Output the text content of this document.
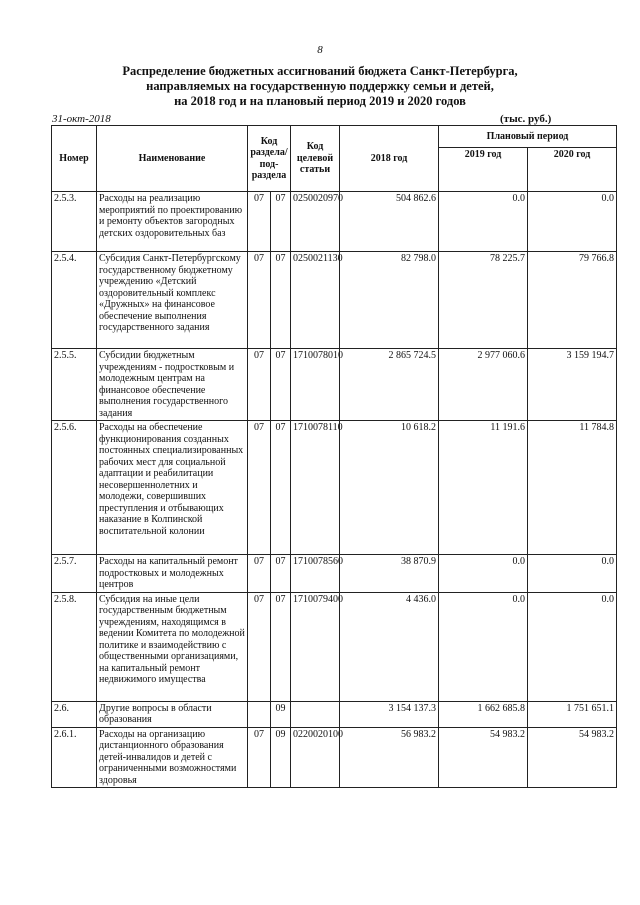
8
Распределение бюджетных ассигнований бюджета Санкт-Петербурга,
направляемых на государственную поддержку семьи и детей,
на 2018 год и на плановый период 2019 и 2020 годов
31-окт-2018	(тыс. руб.)
Номер	Наименование	Код раздела/ под-раздела		Код целевой статьи	2018 год	Плановый период	
						2019 год	2020 год
2.5.3.	Расходы на реализацию мероприятий по проектированию и ремонту объектов загородных детских оздоровительных баз	07	07	0250020970	504 862.6	0.0	0.0
2.5.4.	Субсидия Санкт-Петербургскому государственному бюджетному учреждению «Детский оздоровительный комплекс «Дружных» на финансовое обеспечение выполнения государственного задания	07	07	0250021130	82 798.0	78 225.7	79 766.8
2.5.5.	Субсидии бюджетным учреждениям - подростковым и молодежным центрам на финансовое обеспечение выполнения государственного задания	07	07	1710078010	2 865 724.5	2 977 060.6	3 159 194.7
2.5.6.	Расходы на обеспечение функционирования созданных постоянных специализированных рабочих мест для социальной адаптации и реабилитации несовершеннолетних и молодежи, совершивших преступления и отбывающих наказание в Колпинской воспитательной колонии	07	07	1710078110	10 618.2	11 191.6	11 784.8
2.5.7.	Расходы на капитальный ремонт подростковых и молодежных центров	07	07	1710078560	38 870.9	0.0	0.0
2.5.8.	Субсидия на иные цели государственным бюджетным учреждениям, находящимся в ведении Комитета по молодежной политике и взаимодействию с общественными организациями, на капитальный ремонт недвижимого имущества	07	07	1710079400	4 436.0	0.0	0.0
2.6.	Другие вопросы в области образования		09		3 154 137.3	1 662 685.8	1 751 651.1
2.6.1.	Расходы на организацию дистанционного образования детей-инвалидов и детей с ограниченными возможностями здоровья	07	09	0220020100	56 983.2	54 983.2	54 983.2
